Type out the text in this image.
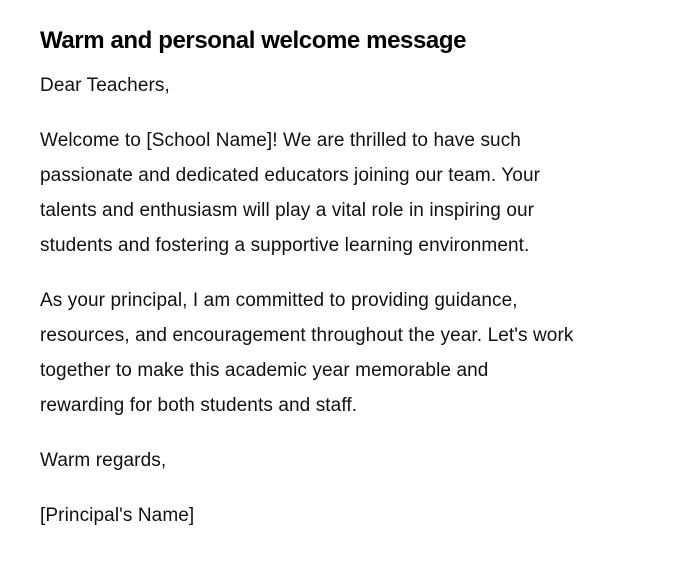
Warm and personal welcome message

Dear Teachers,

Welcome to [School Name]! We are thrilled to have such

passionate and dedicated educators joining our team. Your

talents and enthusiasm will play a vital role in inspiring our

students and fostering a supportive learning environment.

As your principal, I am committed to providing guidance,

resources, and encouragement throughout the year. Let's work

together to make this academic year memorable and

rewarding for both students and staff.

Warm regards,

[Principal's Name]
